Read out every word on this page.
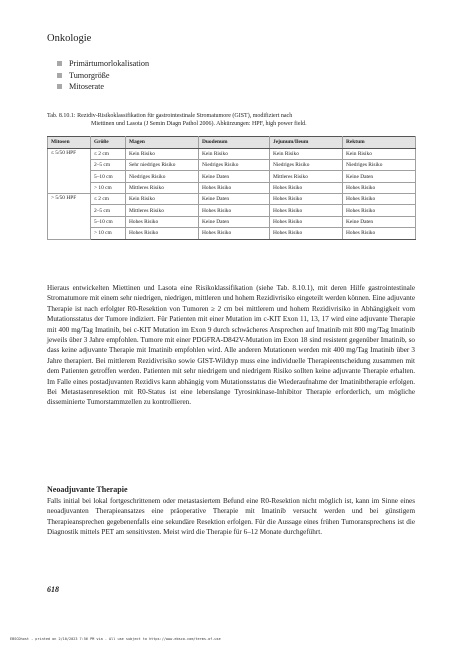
Onkologie
Primärtumorlokalisation
Tumorgröße
Mitoserate
Tab. 8.10.1: Rezidiv-Risikoklassifikation für gastrointestinale Stromatumore (GIST), modifiziert nach
Miettinen und Lasota (J Semin Diagn Pathol 2006). Abkürzungen: HPF, high power field.
Mitosen	Größe	Magen	Duodenum	Jejunum/Ileum	Rektum
≤ 5/50 HPF	≤ 2 cm	Kein Risiko	Kein Risiko	Kein Risiko	Kein Risiko
	2–5 cm	Sehr niedriges Risiko	Niedriges Risiko	Niedriges Risiko	Niedriges Risiko
	5–10 cm	Niedriges Risiko	Keine Daten	Mittleres Risiko	Keine Daten
	> 10 cm	Mittleres Risiko	Hohes Risiko	Hohes Risiko	Hohes Risiko
> 5/50 HPF	≤ 2 cm	Kein Risiko	Keine Daten	Hohes Risiko	Hohes Risiko
	2–5 cm	Mittleres Risiko	Hohes Risiko	Hohes Risiko	Hohes Risiko
	5–10 cm	Hohes Risiko	Keine Daten	Hohes Risiko	Keine Daten
	> 10 cm	Hohes Risiko	Hohes Risiko	Hohes Risiko	Hohes Risiko

Hieraus entwickelten Miettinen und Lasota eine Risikoklassifikation (siehe Tab. 8.10.1), mit deren Hilfe gastrointestinale Stromatumore mit einem sehr niedrigen, niedrigen, mittleren und hohem Rezidivrisiko eingeteilt werden können. Eine adjuvante Therapie ist nach erfolgter R0-Resektion von Tumoren ≥ 2 cm bei mittlerem und hohem Rezidivrisiko in Abhängigkeit vom Mutationsstatus der Tumore indiziert. Für Patienten mit einer Mutation im c-KIT Exon 11, 13, 17 wird eine adjuvante Therapie mit 400 mg/Tag Imatinib, bei c-KIT Mutation im Exon 9 durch schwächeres Ansprechen auf Imatinib mit 800 mg/Tag Imatinib jeweils über 3 Jahre empfohlen. Tumore mit einer PDGFRA-D842V-Mutation im Exon 18 sind resistent gegenüber Imatinib, so dass keine adjuvante Therapie mit Imatinib empfohlen wird. Alle anderen Mutationen werden mit 400 mg/Tag Imatinib über 3 Jahre therapiert. Bei mittlerem Rezidivrisiko sowie GIST-Wildtyp muss eine individuelle Therapieentscheidung zusammen mit dem Patienten getroffen werden. Patienten mit sehr niedrigem und niedrigem Risiko sollten keine adjuvante Therapie erhalten. Im Falle eines postadjuvanten Rezidivs kann abhängig vom Mutationsstatus die Wiederaufnahme der Imatinibtherapie erfolgen. Bei Metastasenresektion mit R0-Status ist eine lebenslange Tyrosinkinase-Inhibitor Therapie erforderlich, um mögliche disseminierte Tumorstammzellen zu kontrollieren.

Neoadjuvante Therapie

Falls initial bei lokal fortgeschrittenem oder metastasiertem Befund eine R0-Resektion nicht möglich ist, kann im Sinne eines neoadjuvanten Therapieansatzes eine präoperative Therapie mit Imatinib versucht werden und bei günstigem Therapieansprechen gegebenenfalls eine sekundäre Resektion erfolgen. Für die Aussage eines frühen Tumoransprechens ist die Diagnostik mittels PET am sensitivsten. Meist wird die Therapie für 6–12 Monate durchgeführt.

618
EBSCOhost - printed on 2/10/2023 7:56 PM via . All use subject to https://www.ebsco.com/terms-of-use
